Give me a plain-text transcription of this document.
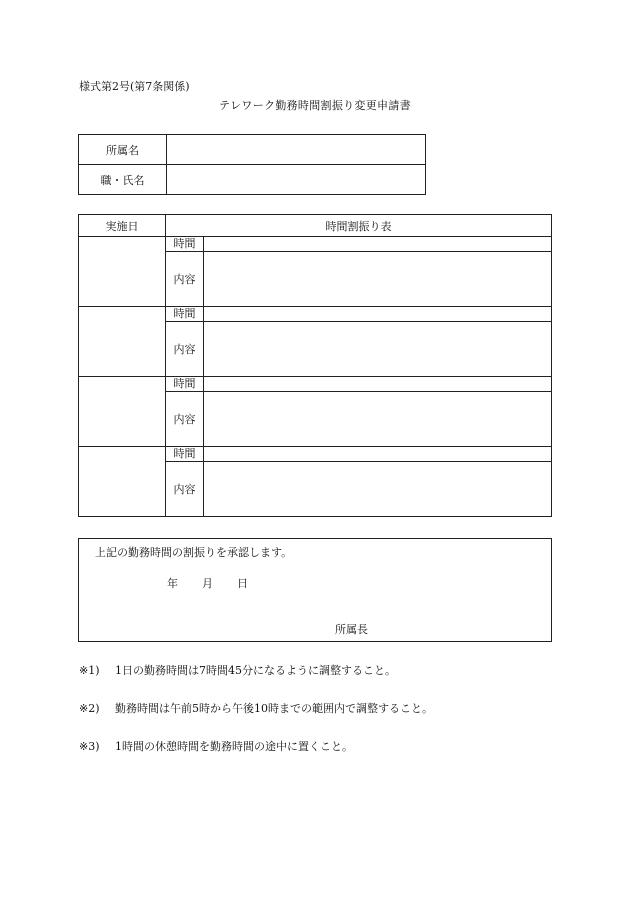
様式第2号(第7条関係)
テレワーク勤務時間割振り変更申請書
所属名	
職・氏名	
実施日	時間割振り表	
	時間	
	内容	
	時間	
	内容	
	時間	
	内容	
	時間	
	内容	
上記の勤務時間の割振りを承認します。
年 月 日
所属長
※1) 1日の勤務時間は7時間45分になるように調整すること。
※2) 勤務時間は午前5時から午後10時までの範囲内で調整すること。
※3) 1時間の休憩時間を勤務時間の途中に置くこと。
